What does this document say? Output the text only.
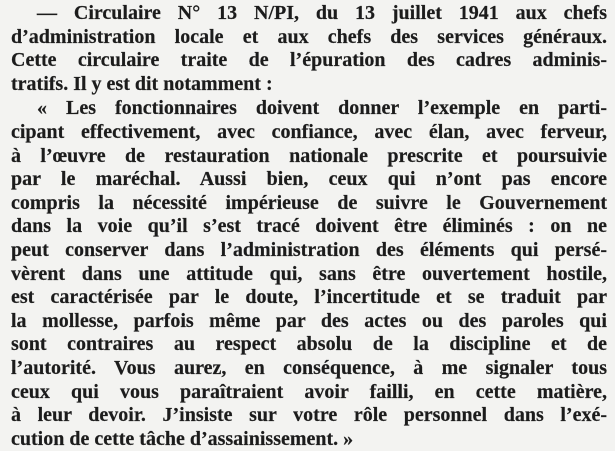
— Circulaire N° 13 N/PI, du 13 juillet 1941 aux chefs
d’administration locale et aux chefs des services généraux.
Cette circulaire traite de l’épuration des cadres adminis-
tratifs. Il y est dit notamment :
« Les fonctionnaires doivent donner l’exemple en parti-
cipant effectivement, avec confiance, avec élan, avec ferveur,
à l’œuvre de restauration nationale prescrite et poursuivie
par le maréchal. Aussi bien, ceux qui n’ont pas encore
compris la nécessité impérieuse de suivre le Gouvernement
dans la voie qu’il s’est tracé doivent être éliminés : on ne
peut conserver dans l’administration des éléments qui persé-
vèrent dans une attitude qui, sans être ouvertement hostile,
est caractérisée par le doute, l’incertitude et se traduit par
la mollesse, parfois même par des actes ou des paroles qui
sont contraires au respect absolu de la discipline et de
l’autorité. Vous aurez, en conséquence, à me signaler tous
ceux qui vous paraîtraient avoir failli, en cette matière,
à leur devoir. J’insiste sur votre rôle personnel dans l’exé-
cution de cette tâche d’assainissement. »
